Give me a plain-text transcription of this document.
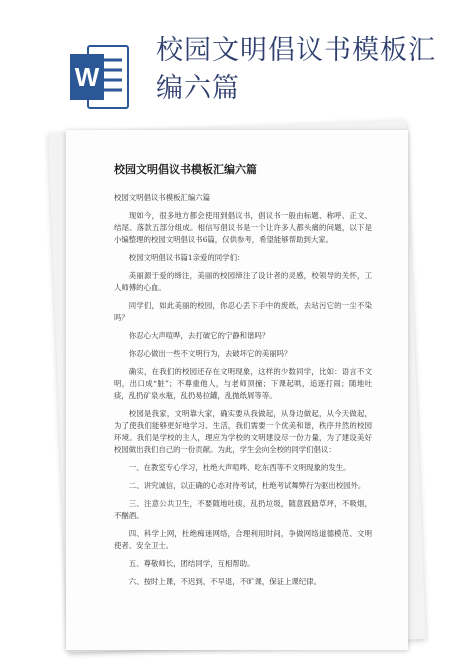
W
校园文明倡议书模板汇编六篇
校园文明倡议书模板汇编六篇

校园文明倡议书模板汇编六篇

现如今，很多地方都会使用到倡议书，倡议书一般由标题、称呼、正文、结尾、落款五部分组成。相信写倡议书是一个让许多人都头痛的问题，以下是小编整理的校园文明倡议书6篇，仅供参考，希望能够帮助到大家。

校园文明倡议书篇1亲爱的同学们：

美丽源于爱的缔注，美丽的校园缔注了设计者的灵感，校领导的关怀，工人师傅的心血。

同学们，如此美丽的校园，你忍心丢下手中的废纸，去玷污它的一尘不染吗？

你忍心大声喧哗，去打破它的宁静和谐吗？

你忍心做出一些不文明行为，去破坏它的美丽吗？

确实，在我们的校园还存在文明现象，这样的少数同学，比如：语言不文明，出口成“脏”；不尊重他人，与老师顶撞；下课起哄，追逐打闹；随地吐痰，乱扔矿泉水瓶，乱扔易拉罐，乱抛纸屑等等。

校园是我家，文明靠大家，确实要从我做起，从身边做起，从今天做起，为了使我们能够更好地学习、生活，我们需要一个优美和谐，秩序井然的校园环境。我们是学校的主人，理应为学校的文明建设尽一份力量，为了建设美好校园做出我们自己的一份贡献。为此，学生会向全校的同学们倡议：

一、在教室专心学习，杜绝大声喧哗、吃东西等不文明现象的发生。

二、讲究诚信，以正确的心态对待考试，杜绝考试舞弊行为驱出校园外。

三、注意公共卫生，不要随地吐痰，乱扔垃圾，随意践踏草坪，不吸烟，不酗酒。

四、科学上网，杜绝痴迷网络，合理利用时间，争做网络道德模范、文明使者、安全卫士。

五、尊敬师长，团结同学，互相帮助。

六、按时上课，不迟到，不早退，不旷课，保证上课纪律。
